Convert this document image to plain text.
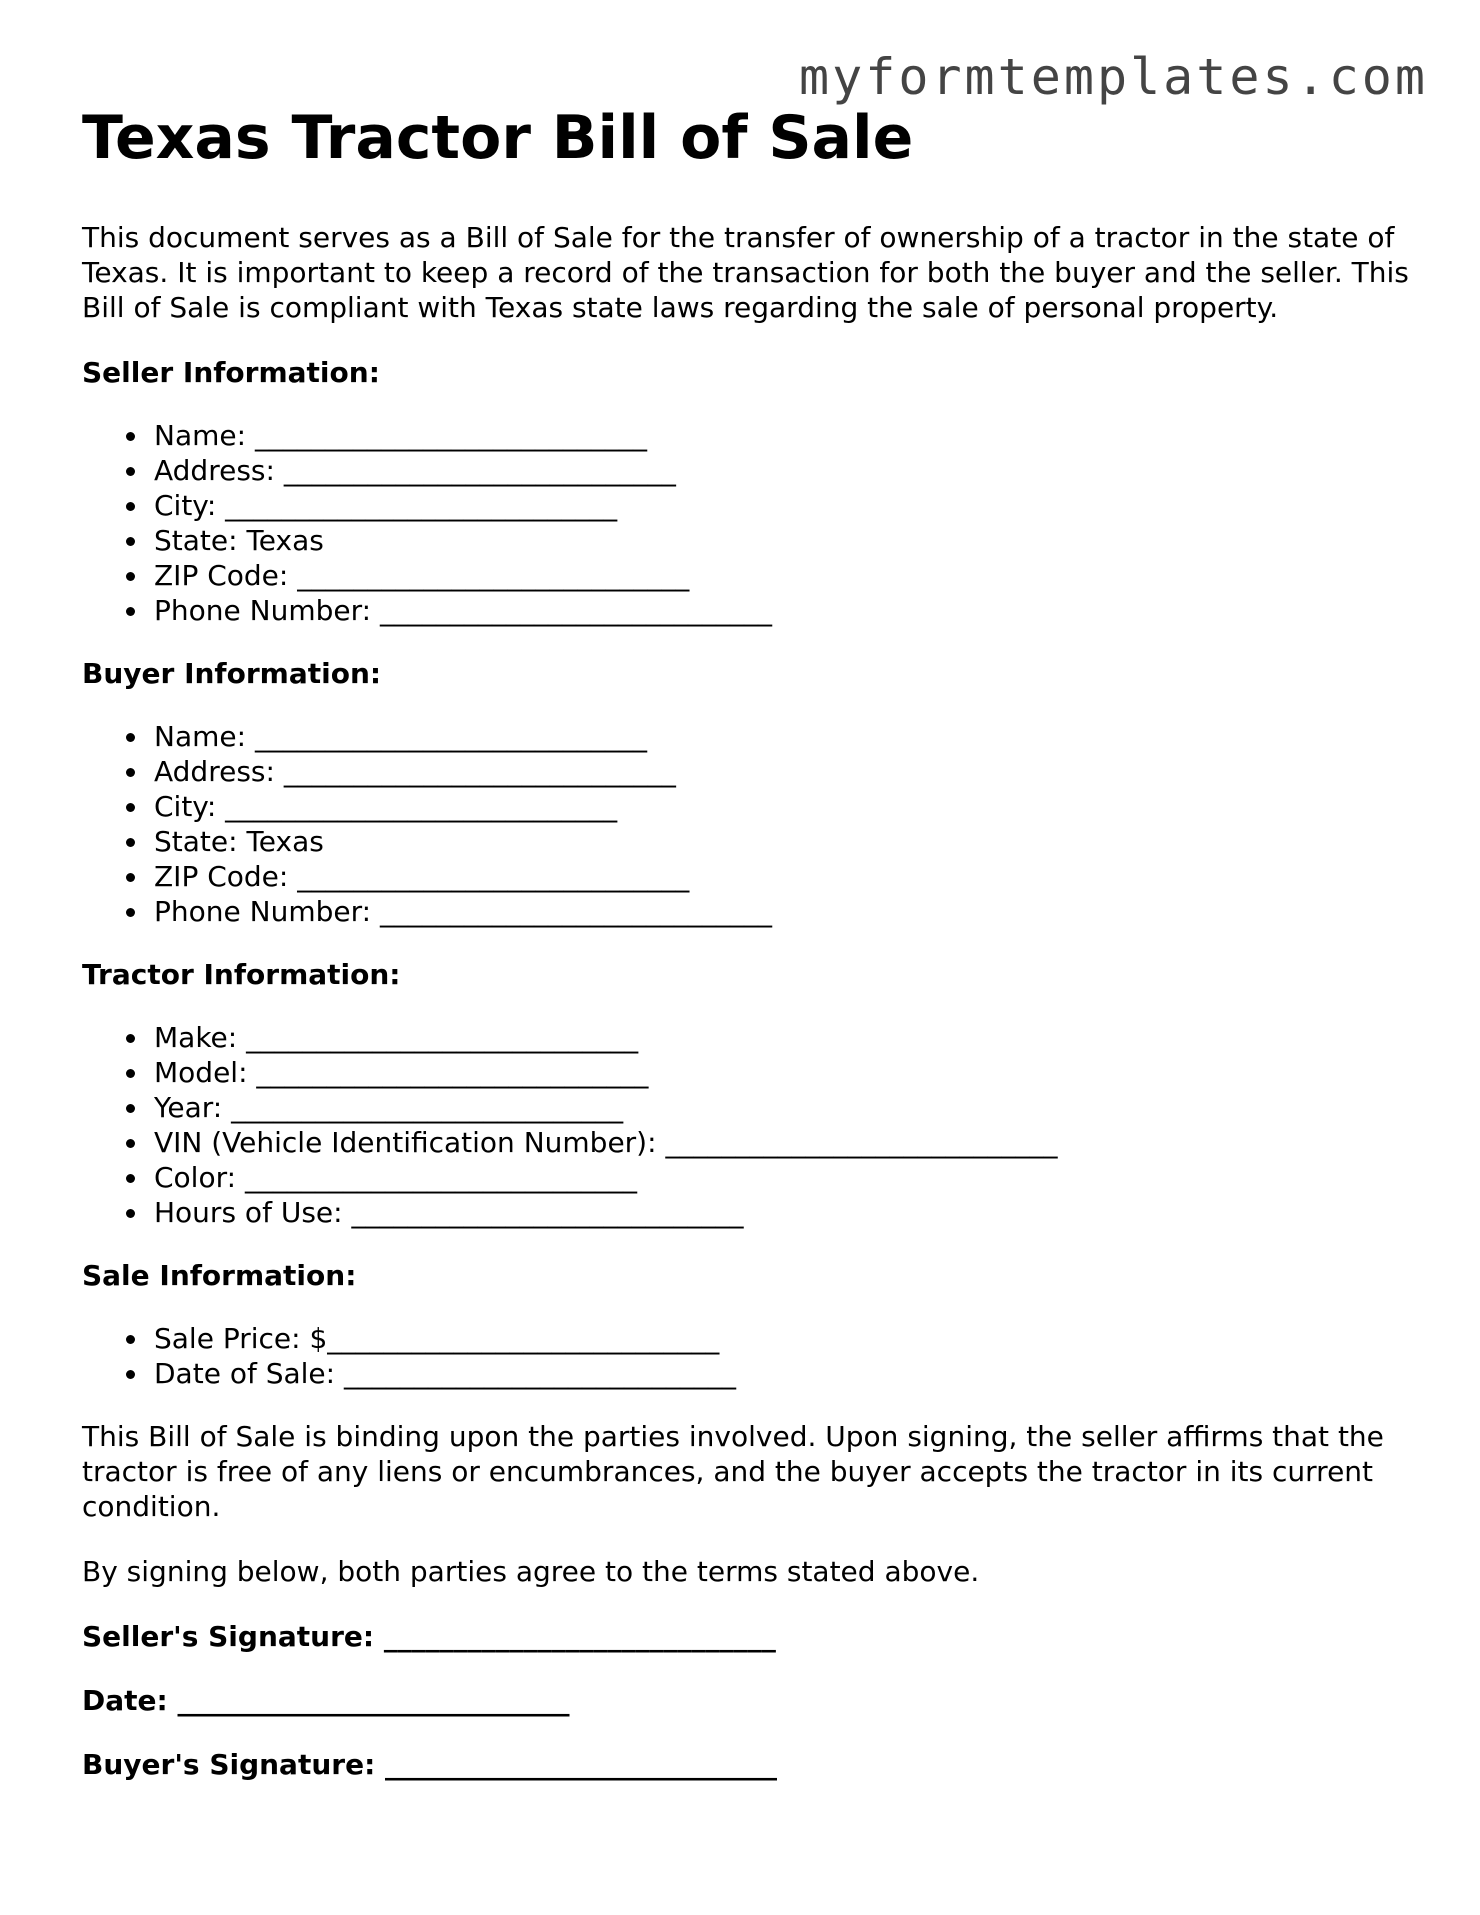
myformtemplates.com
Texas Tractor Bill of Sale

This document serves as a Bill of Sale for the transfer of ownership of a tractor in the state of Texas. It is important to keep a record of the transaction for both the buyer and the seller. This Bill of Sale is compliant with Texas state laws regarding the sale of personal property.

Seller Information:
Name: ____________________________
Address: ____________________________
City: ____________________________
State: Texas
ZIP Code: ____________________________
Phone Number: ____________________________
Buyer Information:
Name: ____________________________
Address: ____________________________
City: ____________________________
State: Texas
ZIP Code: ____________________________
Phone Number: ____________________________
Tractor Information:
Make: ____________________________
Model: ____________________________
Year: ____________________________
VIN (Vehicle Identification Number): ____________________________
Color: ____________________________
Hours of Use: ____________________________
Sale Information:
Sale Price: $____________________________
Date of Sale: ____________________________

This Bill of Sale is binding upon the parties involved. Upon signing, the seller affirms that the tractor is free of any liens or encumbrances, and the buyer accepts the tractor in its current condition.

By signing below, both parties agree to the terms stated above.

Seller's Signature: ____________________________
Date: ____________________________
Buyer's Signature: ____________________________
